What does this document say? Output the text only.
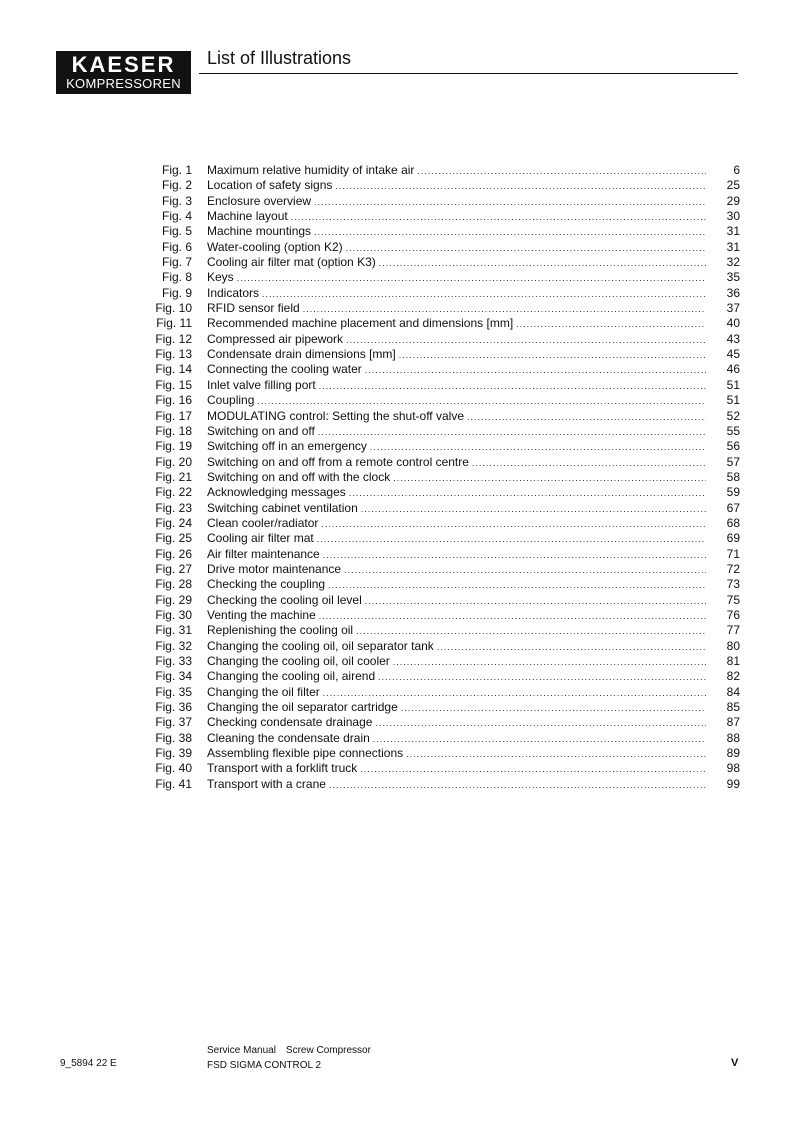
KAESER
KOMPRESSOREN
List of Illustrations
Fig. 1 Maximum relative humidity of intake air .....	6
Fig. 2 Location of safety signs .....	25
Fig. 3 Enclosure overview .....	29
Fig. 4 Machine layout .....	30
Fig. 5 Machine mountings .....	31
Fig. 6 Water-cooling (option K2) .....	31
Fig. 7 Cooling air filter mat (option K3) .....	32
Fig. 8 Keys .....	35
Fig. 9 Indicators .....	36
Fig. 10 RFID sensor field .....	37
Fig. 11 Recommended machine placement and dimensions [mm] .....	40
Fig. 12 Compressed air pipework .....	43
Fig. 13 Condensate drain dimensions [mm] .....	45
Fig. 14 Connecting the cooling water .....	46
Fig. 15 Inlet valve filling port .....	51
Fig. 16 Coupling .....	51
Fig. 17 MODULATING control: Setting the shut-off valve .....	52
Fig. 18 Switching on and off .....	55
Fig. 19 Switching off in an emergency .....	56
Fig. 20 Switching on and off from a remote control centre .....	57
Fig. 21 Switching on and off with the clock .....	58
Fig. 22 Acknowledging messages .....	59
Fig. 23 Switching cabinet ventilation .....	67
Fig. 24 Clean cooler/radiator .....	68
Fig. 25 Cooling air filter mat .....	69
Fig. 26 Air filter maintenance .....	71
Fig. 27 Drive motor maintenance .....	72
Fig. 28 Checking the coupling .....	73
Fig. 29 Checking the cooling oil level .....	75
Fig. 30 Venting the machine .....	76
Fig. 31 Replenishing the cooling oil .....	77
Fig. 32 Changing the cooling oil, oil separator tank .....	80
Fig. 33 Changing the cooling oil, oil cooler .....	81
Fig. 34 Changing the cooling oil, airend .....	82
Fig. 35 Changing the oil filter .....	84
Fig. 36 Changing the oil separator cartridge .....	85
Fig. 37 Checking condensate drainage .....	87
Fig. 38 Cleaning the condensate drain .....	88
Fig. 39 Assembling flexible pipe connections .....	89
Fig. 40 Transport with a forklift truck .....	98
Fig. 41 Transport with a crane .....	99
9_5894 22 E
Service Manual Screw Compressor
FSD SIGMA CONTROL 2	V
